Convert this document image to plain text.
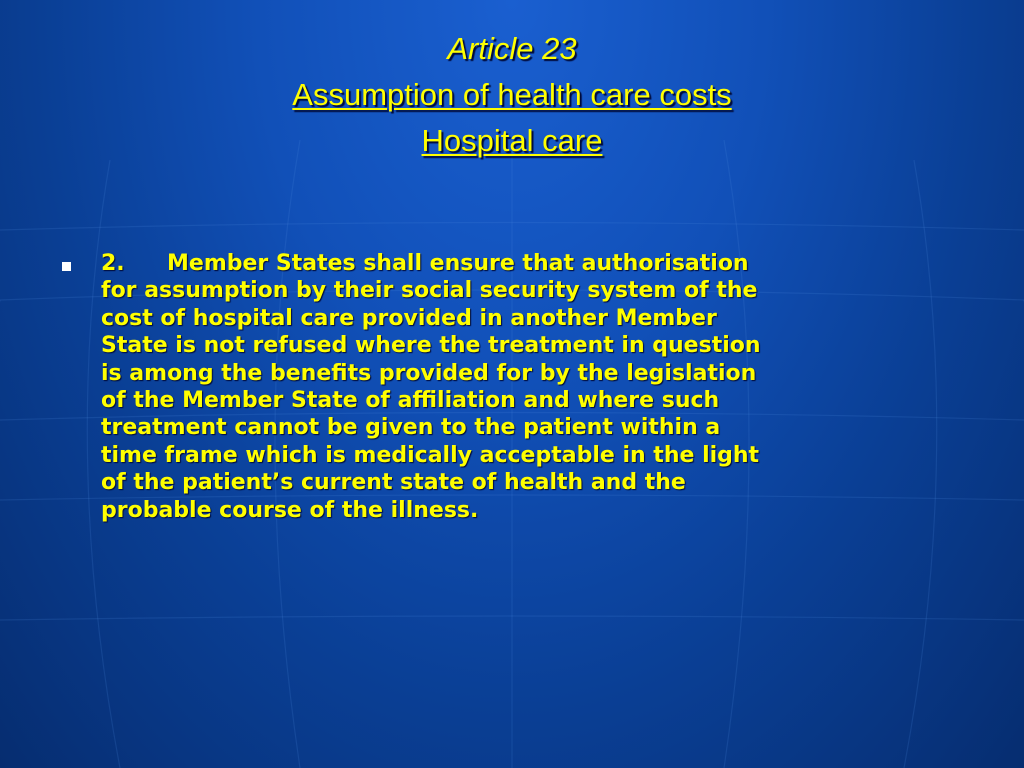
Article 23
Assumption of health care costs
Hospital care
2. Member States shall ensure that authorisation
for assumption by their social security system of the
cost of hospital care provided in another Member
State is not refused where the treatment in question
is among the benefits provided for by the legislation
of the Member State of affiliation and where such
treatment cannot be given to the patient within a
time frame which is medically acceptable in the light
of the patient’s current state of health and the
probable course of the illness.
